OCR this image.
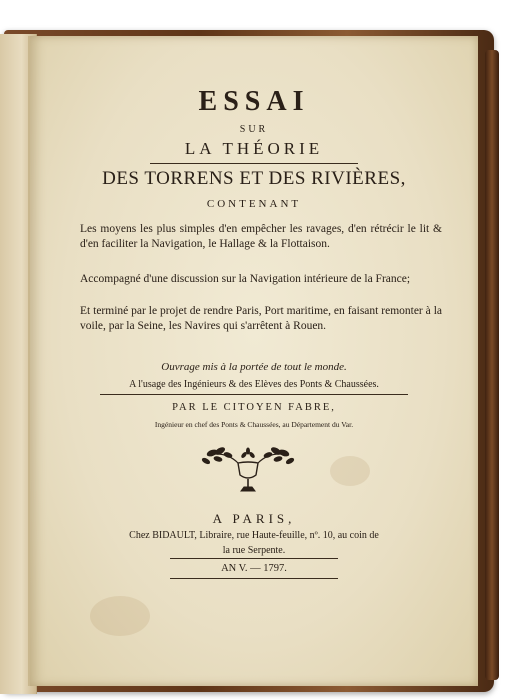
ESSAI
SUR
LA THÉORIE
DES TORRENS ET DES RIVIÈRES,
CONTENANT
Les moyens les plus simples d'en empêcher les ravages, d'en rétrécir le lit & d'en faciliter la Navigation, le Hallage & la Flottaison.
Accompagné d'une discussion sur la Navigation intérieure de la France;
Et terminé par le projet de rendre Paris, Port maritime, en faisant remonter à la voile, par la Seine, les Navires qui s'arrêtent à Rouen.
Ouvrage mis à la portée de tout le monde.
A l'usage des Ingénieurs & des Elèves des Ponts & Chaussées.
PAR LE CITOYEN FABRE,
Ingénieur en chef des Ponts & Chaussées, au Département du Var.
A PARIS,
Chez BIDAULT, Libraire, rue Haute-feuille, nº. 10, au coin de
la rue Serpente.
AN V. — 1797.
